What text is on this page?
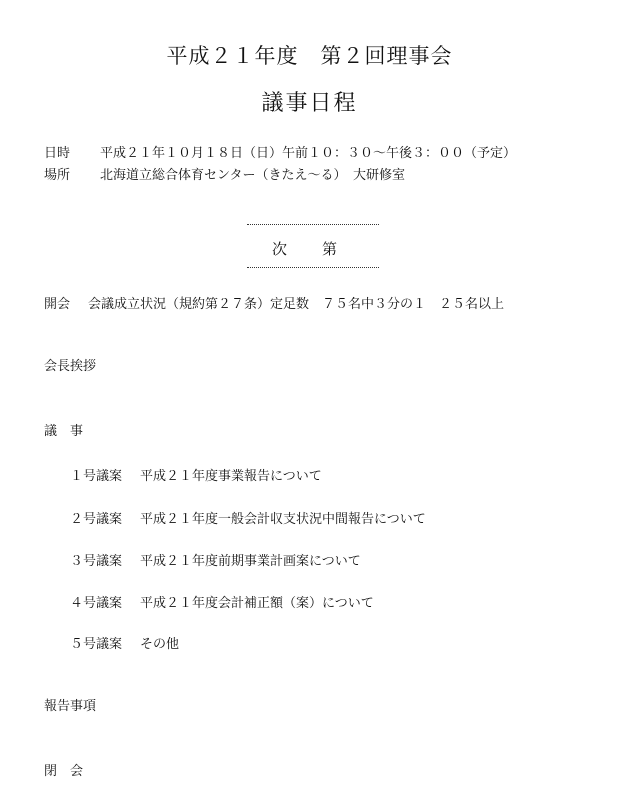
平成２１年度　第２回理事会
議事日程
日時 平成２１年１０月１８日（日）午前１０：３０～午後３：００（予定）
場所 北海道立総合体育センター（きたえ～る）　大研修室
次　第
開会 会議成立状況（規約第２７条）定足数　７５名中３分の１　２５名以上
会長挨拶
議　事
１号議案 平成２１年度事業報告について
２号議案 平成２１年度一般会計収支状況中間報告について
３号議案 平成２１年度前期事業計画案について
４号議案 平成２１年度会計補正額（案）について
５号議案 その他
報告事項
閉　会
